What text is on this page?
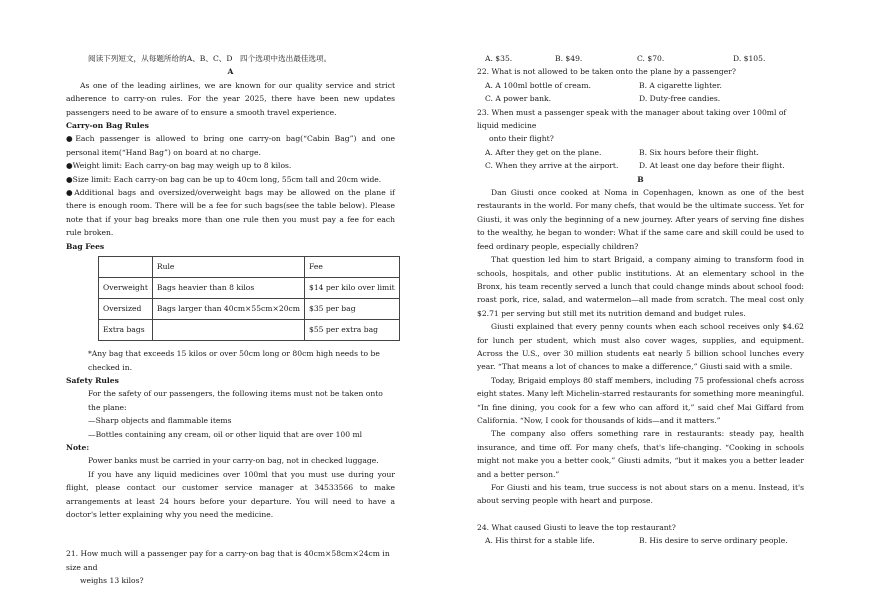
阅读下列短文，从每题所给的A、B、C、D　四个选项中选出最佳选项。

A

As one of the leading airlines, we are known for our quality service and strict adherence to carry-on rules. For the year 2025, there have been new updates passengers need to be aware of to ensure a smooth travel experience.

Carry-on Bag Rules

●Each passenger is allowed to bring one carry-on bag(“Cabin Bag”) and one personal item(“Hand Bag”) on board at no charge.

●Weight limit: Each carry-on bag may weigh up to 8 kilos.

●Size limit: Each carry-on bag can be up to 40cm long, 55cm tall and 20cm wide.

●Additional bags and oversized/overweight bags may be allowed on the plane if there is enough room. There will be a fee for such bags(see the table below). Please note that if your bag breaks more than one rule then you must pay a fee for each rule broken.

Bag Fees

	Rule	Fee
Overweight	Bags heavier than 8 kilos	$14 per kilo over limit
Oversized	Bags larger than 40cm×55cm×20cm	$35 per bag
Extra bags		$55 per extra bag

*Any bag that exceeds 15 kilos or over 50cm long or 80cm high needs to be checked in.

Safety Rules

For the safety of our passengers, the following items must not be taken onto the plane:

—Sharp objects and flammable items

—Bottles containing any cream, oil or other liquid that are over 100 ml

Note:

Power banks must be carried in your carry-on bag, not in checked luggage.

If you have any liquid medicines over 100ml that you must use during your flight, please contact our customer service manager at 34533566 to make arrangements at least 24 hours before your departure. You will need to have a doctor's letter explaining why you need the medicine.

21. How much will a passenger pay for a carry-on bag that is 40cm×58cm×24cm in size and

weighs 13 kilos?

A. $35.	B. $49.	C. $70.	D. $105.

22. What is not allowed to be taken onto the plane by a passenger?

A. A 100ml bottle of cream.	B. A cigarette lighter.
C. A power bank.	D. Duty-free candies.

23. When must a passenger speak with the manager about taking over 100ml of liquid medicine

onto their flight?

A. After they get on the plane.	B. Six hours before their flight.
C. When they arrive at the airport.	D. At least one day before their flight.

B

Dan Giusti once cooked at Noma in Copenhagen, known as one of the best restaurants in the world. For many chefs, that would be the ultimate success. Yet for Giusti, it was only the beginning of a new journey. After years of serving fine dishes to the wealthy, he began to wonder: What if the same care and skill could be used to feed ordinary people, especially children?

That question led him to start Brigaid, a company aiming to transform food in schools, hospitals, and other public institutions. At an elementary school in the Bronx, his team recently served a lunch that could change minds about school food: roast pork, rice, salad, and watermelon—all made from scratch. The meal cost only $2.71 per serving but still met its nutrition demand and budget rules.

Giusti explained that every penny counts when each school receives only $4.62 for lunch per student, which must also cover wages, supplies, and equipment. Across the U.S., over 30 million students eat nearly 5 billion school lunches every year. “That means a lot of chances to make a difference,” Giusti said with a smile.

Today, Brigaid employs 80 staff members, including 75 professional chefs across eight states. Many left Michelin-starred restaurants for something more meaningful. “In fine dining, you cook for a few who can afford it,” said chef Mai Giffard from California. “Now, I cook for thousands of kids—and it matters.”

The company also offers something rare in restaurants: steady pay, health insurance, and time off. For many chefs, that's life-changing. “Cooking in schools might not make you a better cook,” Giusti admits, “but it makes you a better leader and a better person.”

For Giusti and his team, true success is not about stars on a menu. Instead, it's about serving people with heart and purpose.

24. What caused Giusti to leave the top restaurant?

A. His thirst for a stable life.	B. His desire to serve ordinary people.
